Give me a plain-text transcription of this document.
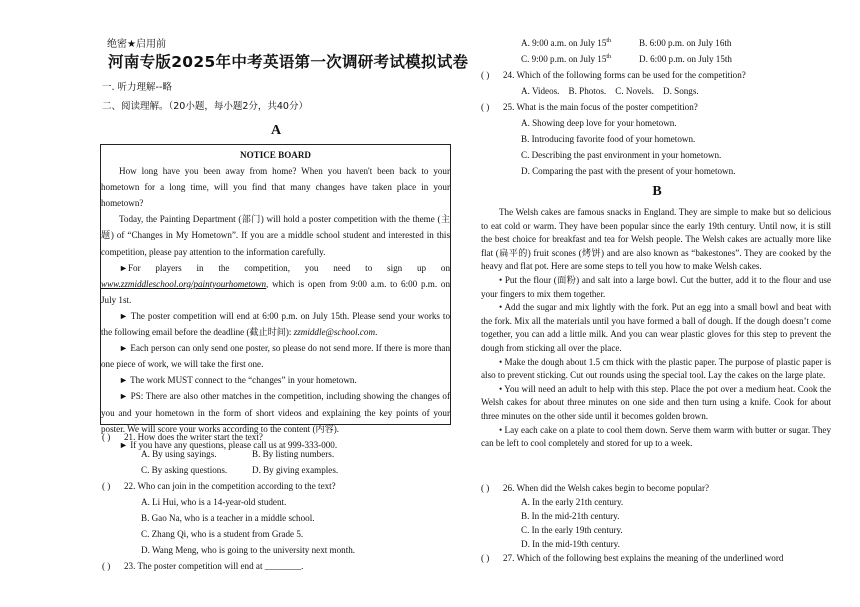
绝密★启用前
河南专版2025年中考英语第一次调研考试模拟试卷
一. 听力理解--略
二、阅读理解。（20小题，每小题2分，共40分）
A
NOTICE BOARD

How long have you been away from home? When you haven't been back to your hometown for a long time, will you find that many changes have taken place in your hometown?

Today, the Painting Department (部门) will hold a poster competition with the theme (主题) of “Changes in My Hometown”. If you are a middle school student and interested in this competition, please pay attention to the information carefully.

►For players in the competition, you need to sign up on www.zzmiddleschool.org/paintyourhometown, which is open from 9:00 a.m. to 6:00 p.m. on July 1st.

► The poster competition will end at 6:00 p.m. on July 15th. Please send your works to the following email before the deadline (截止时间): zzmiddle@school.com.

► Each person can only send one poster, so please do not send more. If there is more than one piece of work, we will take the first one.

► The work MUST connect to the “changes” in your hometown.

► PS: There are also other matches in the competition, including showing the changes of you and your hometown in the form of short videos and explaining the key points of your poster. We will score your works according to the content (内容).

► If you have any questions, please call us at 999-333-000.

( ) 21. How does the writer start the text?
A. By using sayings.	B. By listing numbers.
C. By asking questions.	D. By giving examples.
( ) 22. Who can join in the competition according to the text?
A. Li Hui, who is a 14-year-old student.
B. Gao Na, who is a teacher in a middle school.
C. Zhang Qi, who is a student from Grade 5.
D. Wang Meng, who is going to the university next month.
( ) 23. The poster competition will end at ________.
A. 9:00 a.m. on July 15th	B. 6:00 p.m. on July 16th
C. 9:00 p.m. on July 15th	D. 6:00 p.m. on July 15th
( ) 24. Which of the following forms can be used for the competition?
A. Videos.    B. Photos.    C. Novels.    D. Songs.
( ) 25. What is the main focus of the poster competition?
A. Showing deep love for your hometown.
B. Introducing favorite food of your hometown.
C. Describing the past environment in your hometown.
D. Comparing the past with the present of your hometown.
B

The Welsh cakes are famous snacks in England. They are simple to make but so delicious to eat cold or warm. They have been popular since the early 19th century. Until now, it is still the best choice for breakfast and tea for Welsh people. The Welsh cakes are actually more like flat (扁平的) fruit scones (烤饼) and are also known as “bakestones”. They are cooked by the heavy and flat pot. Here are some steps to tell you how to make Welsh cakes.

• Put the flour (面粉) and salt into a large bowl. Cut the butter, add it to the flour and use your fingers to mix them together.

• Add the sugar and mix lightly with the fork. Put an egg into a small bowl and beat with the fork. Mix all the materials until you have formed a ball of dough. If the dough doesn’t come together, you can add a little milk. And you can wear plastic gloves for this step to prevent the dough from sticking all over the place.

• Make the dough about 1.5 cm thick with the plastic paper. The purpose of plastic paper is also to prevent sticking. Cut out rounds using the special tool. Lay the cakes on the large plate.

• You will need an adult to help with this step. Place the pot over a medium heat. Cook the Welsh cakes for about three minutes on one side and then turn using a knife. Cook for about three minutes on the other side until it becomes golden brown.

• Lay each cake on a plate to cool them down. Serve them warm with butter or sugar. They can be left to cool completely and stored for up to a week.

( ) 26. When did the Welsh cakes begin to become popular?
A. In the early 21th century.
B. In the mid-21th century.
C. In the early 19th century.
D. In the mid-19th century.
( ) 27. Which of the following best explains the meaning of the underlined word
